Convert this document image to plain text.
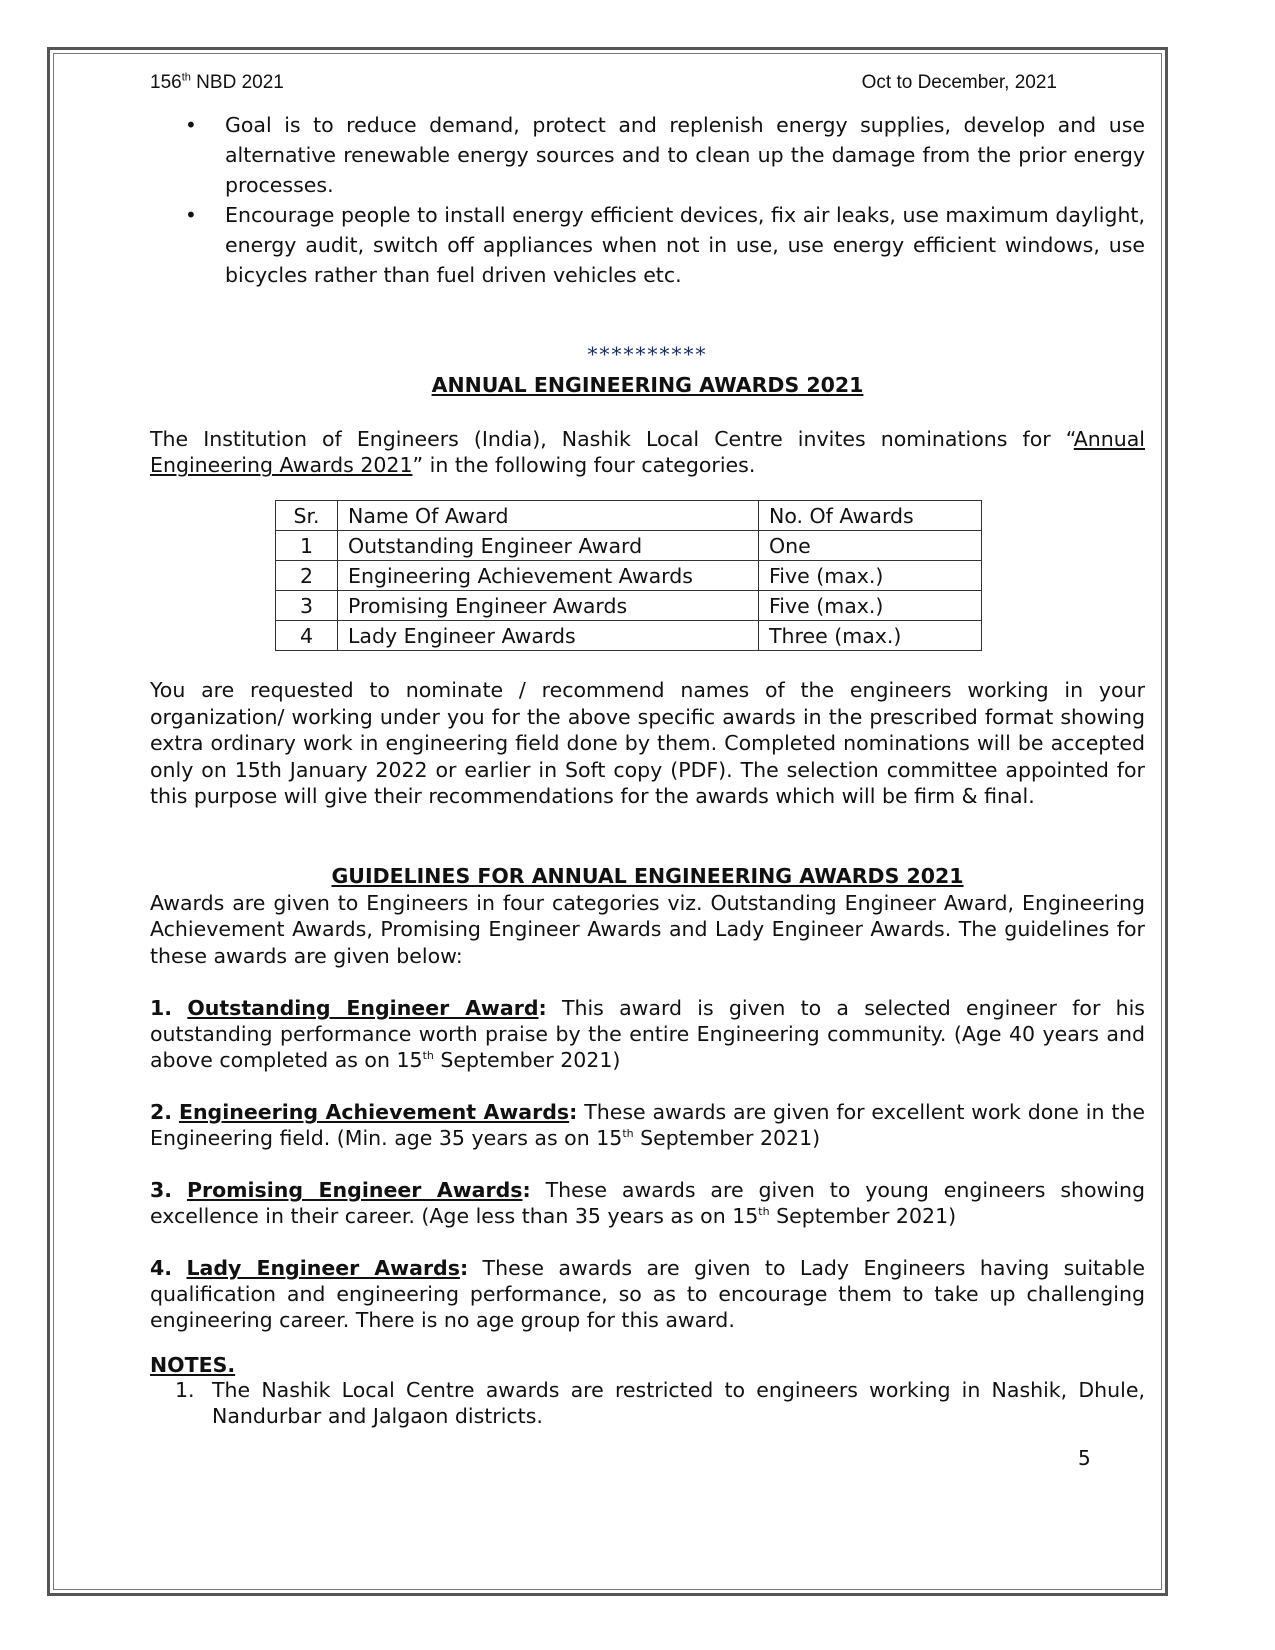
156th NBD 2021	Oct to December, 2021
• Goal is to reduce demand, protect and replenish energy supplies, develop and use alternative renewable energy sources and to clean up the damage from the prior energy processes.
• Encourage people to install energy efficient devices, fix air leaks, use maximum daylight, energy audit, switch off appliances when not in use, use energy efficient windows, use bicycles rather than fuel driven vehicles etc.
**********
ANNUAL ENGINEERING AWARDS 2021
The Institution of Engineers (India), Nashik Local Centre invites nominations for “Annual Engineering Awards 2021” in the following four categories.
Sr.	Name Of Award	No. Of Awards
1	Outstanding Engineer Award	One
2	Engineering Achievement Awards	Five (max.)
3	Promising Engineer Awards	Five (max.)
4	Lady Engineer Awards	Three (max.)
You are requested to nominate / recommend names of the engineers working in your organization/ working under you for the above specific awards in the prescribed format showing extra ordinary work in engineering field done by them. Completed nominations will be accepted only on 15th January 2022 or earlier in Soft copy (PDF). The selection committee appointed for this purpose will give their recommendations for the awards which will be firm & final.
GUIDELINES FOR ANNUAL ENGINEERING AWARDS 2021
Awards are given to Engineers in four categories viz. Outstanding Engineer Award, Engineering Achievement Awards, Promising Engineer Awards and Lady Engineer Awards. The guidelines for these awards are given below:
1. Outstanding Engineer Award: This award is given to a selected engineer for his outstanding performance worth praise by the entire Engineering community. (Age 40 years and above completed as on 15th September 2021)
2. Engineering Achievement Awards: These awards are given for excellent work done in the Engineering field. (Min. age 35 years as on 15th September 2021)
3. Promising Engineer Awards: These awards are given to young engineers showing excellence in their career. (Age less than 35 years as on 15th September 2021)
4. Lady Engineer Awards: These awards are given to Lady Engineers having suitable qualification and engineering performance, so as to encourage them to take up challenging engineering career. There is no age group for this award.
NOTES.
1. The Nashik Local Centre awards are restricted to engineers working in Nashik, Dhule, Nandurbar and Jalgaon districts.
5
